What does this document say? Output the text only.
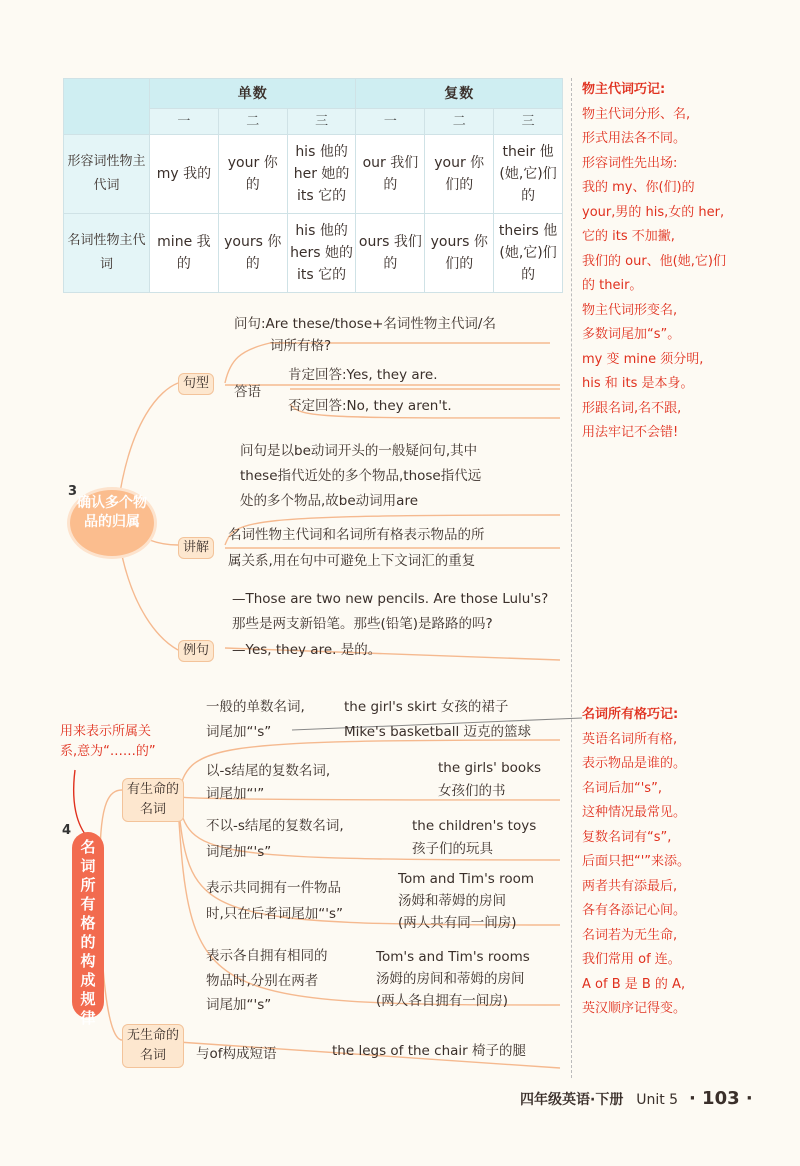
	单数			复数		
	一	二	三	一	二	三
形容词性物主代词	my 我的	your 你的	his 他的 her 她的 its 它的	our 我们的	your 你们的	their 他(她,它)们的
名词性物主代词	mine 我的	yours 你的	his 他的 hers 她的 its 它的	ours 我们的	yours 你们的	theirs 他(她,它)们的
物主代词巧记:
物主代词分形、名,
形式用法各不同。
形容词性先出场:
我的 my、你(们)的
your,男的 his,女的 her,
它的 its 不加撇,
我们的 our、他(她,它)们
的 their。
物主代词形变名,
多数词尾加“s”。
my 变 mine 须分明,
his 和 its 是本身。
形跟名词,名不跟,
用法牢记不会错!
3
确认多个物品的归属
句型
问句:Are these/those+名词性物主代词/名
词所有格?
答语
肯定回答:Yes, they are.
否定回答:No, they aren't.
讲解
问句是以be动词开头的一般疑问句,其中
these指代近处的多个物品,those指代远
处的多个物品,故be动词用are
名词性物主代词和名词所有格表示物品的所
属关系,用在句中可避免上下文词汇的重复
例句
—Those are two new pencils. Are those Lulu's?
那些是两支新铅笔。那些(铅笔)是路路的吗?
—Yes, they are. 是的。
用来表示所属关
系,意为“……的”
4
名词所有格的构成规律
有生命的名词
无生命的名词
一般的单数名词,
词尾加“'s”
the girl's skirt 女孩的裙子
Mike's basketball 迈克的篮球
以-s结尾的复数名词,
词尾加“'”
the girls' books
女孩们的书
不以-s结尾的复数名词,
词尾加“'s”
the children's toys
孩子们的玩具
表示共同拥有一件物品
时,只在后者词尾加“'s”
Tom and Tim's room
汤姆和蒂姆的房间
(两人共有同一间房)
表示各自拥有相同的
物品时,分别在两者
词尾加“'s”
Tom's and Tim's rooms
汤姆的房间和蒂姆的房间
(两人各自拥有一间房)
与of构成短语	the legs of the chair 椅子的腿
名词所有格巧记:
英语名词所有格,
表示物品是谁的。
名词后加“'s”,
这种情况最常见。
复数名词有“s”,
后面只把“'”来添。
两者共有添最后,
各有各添记心间。
名词若为无生命,
我们常用 of 连。
A of B 是 B 的 A,
英汉顺序记得变。
四年级英语·下册 Unit 5 · 103 ·
